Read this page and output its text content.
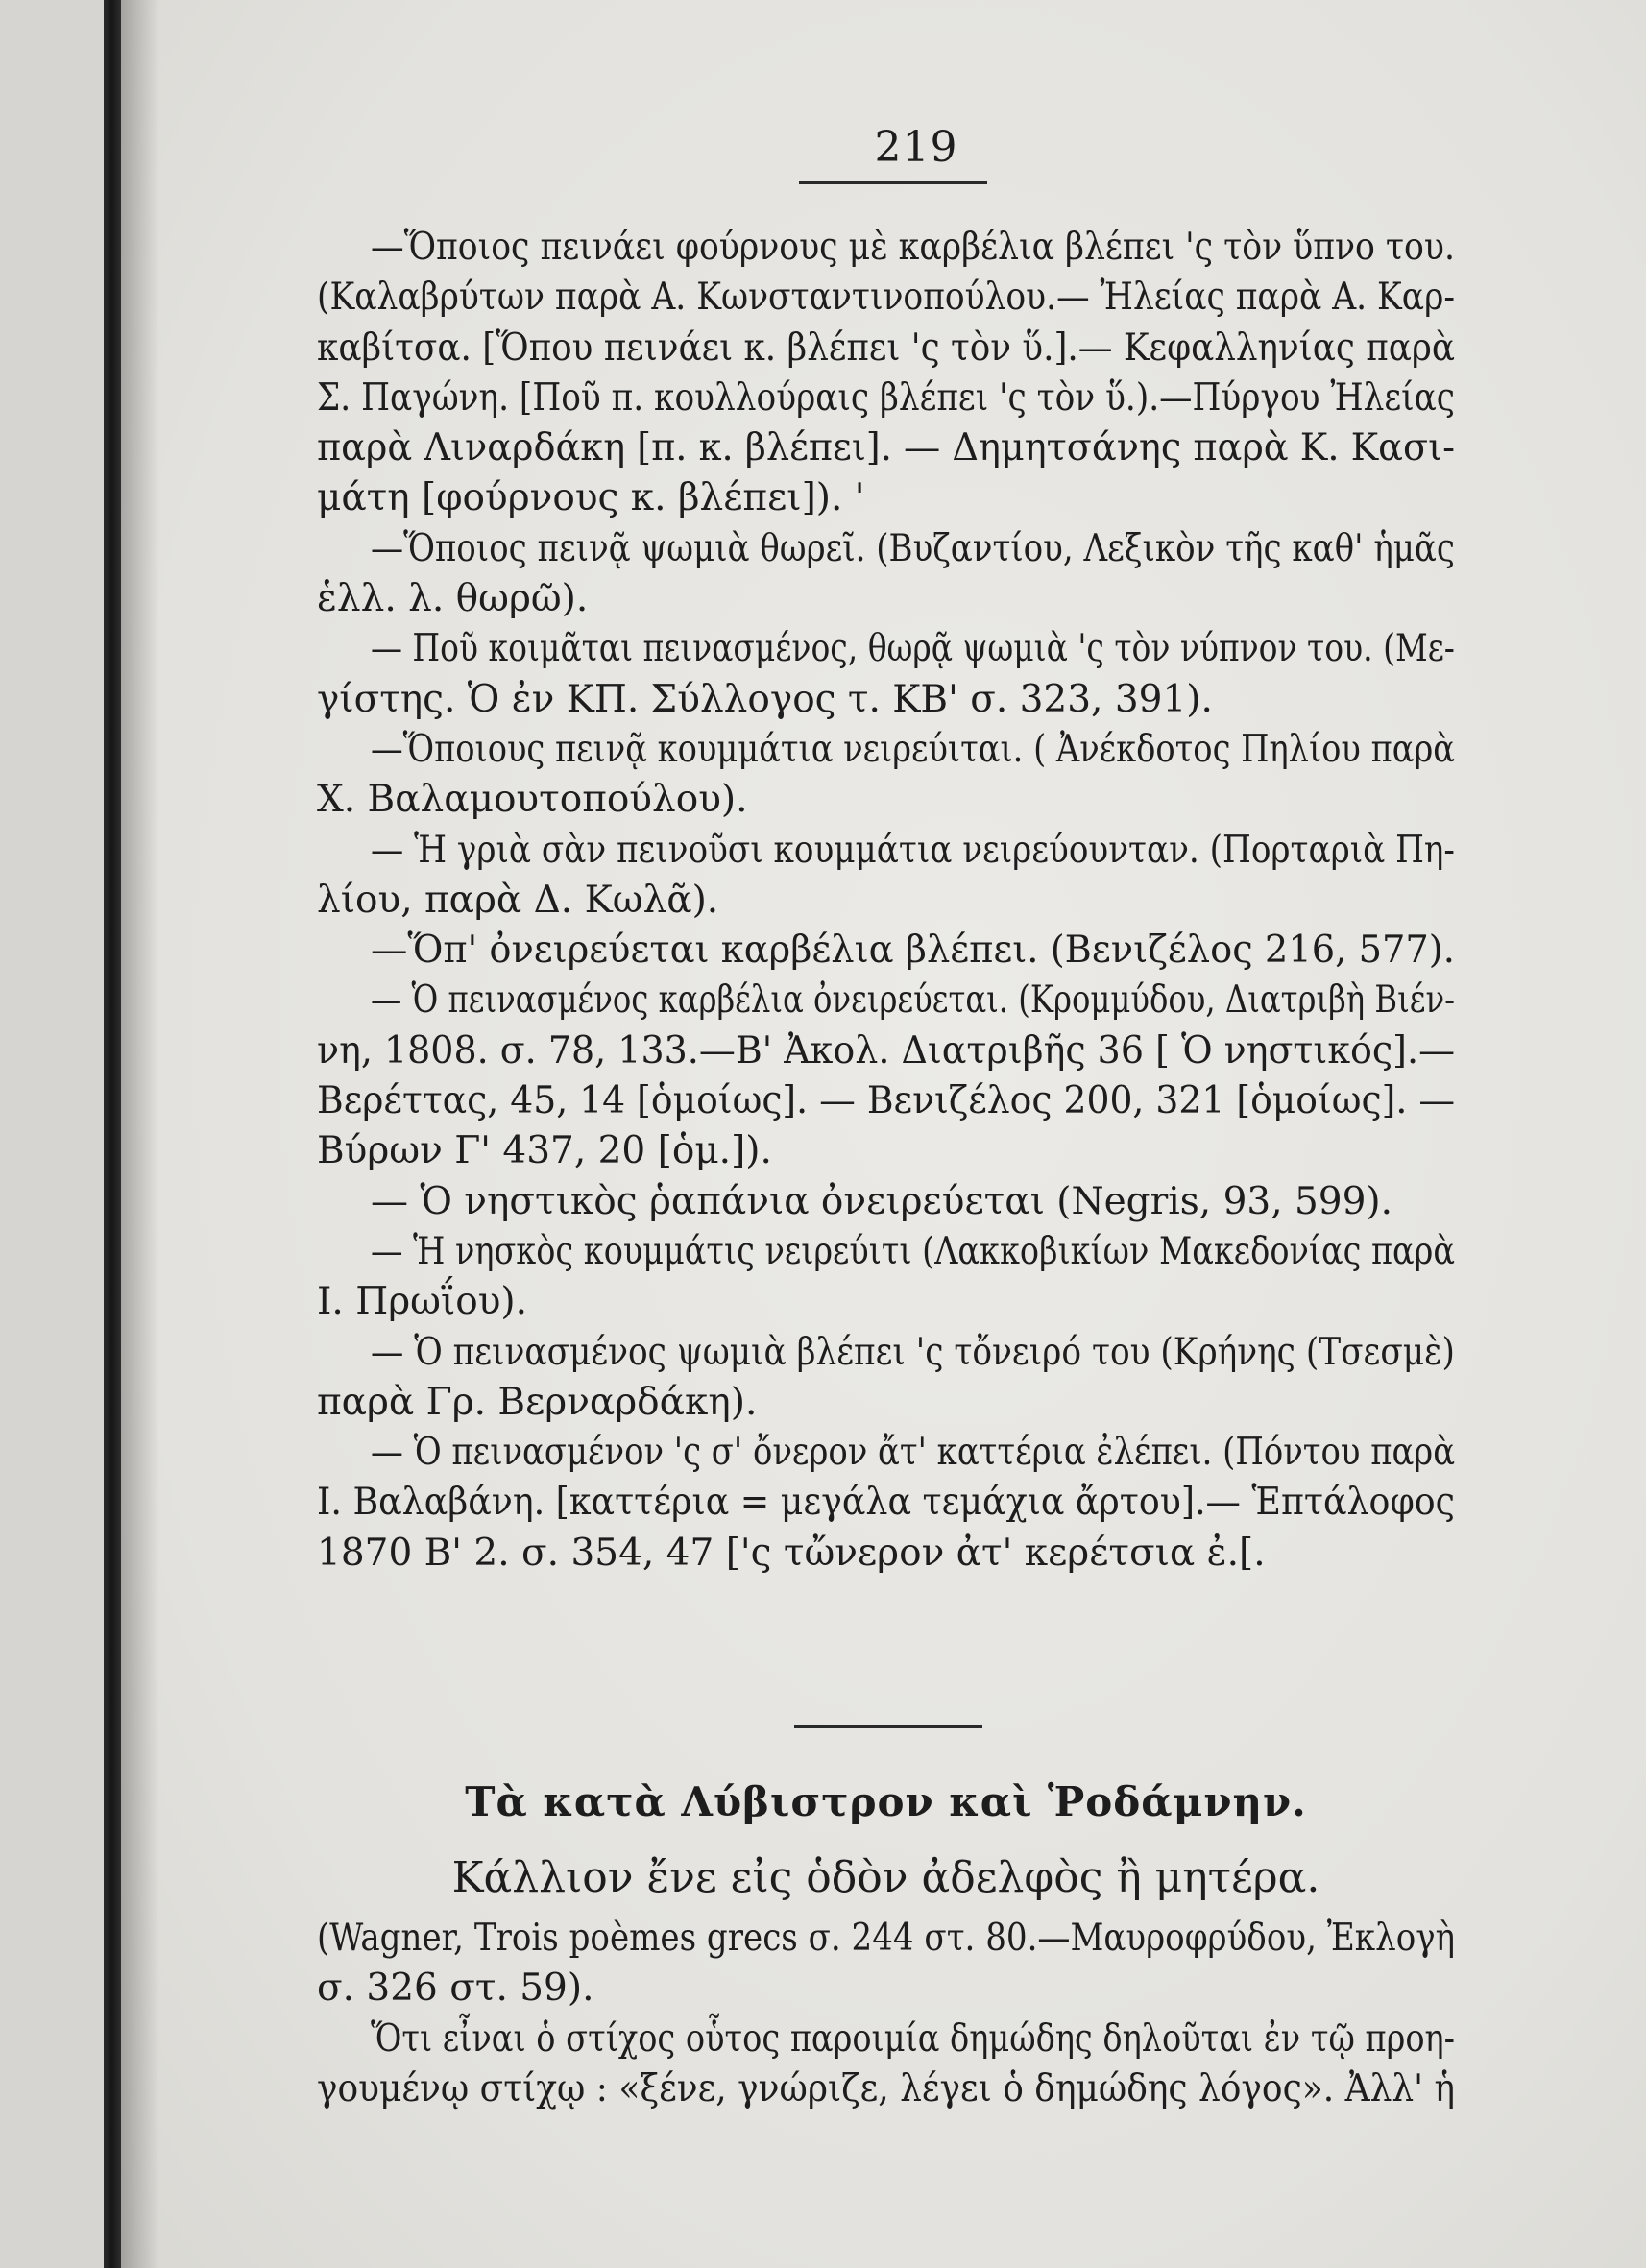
219
—Ὅποιος πεινάει φούρνους μὲ καρβέλια βλέπει 'ς τὸν ὕπνο του.
(Καλαβρύτων παρὰ Α. Κωνσταντινοπούλου.— Ἠλείας παρὰ Α. Καρ-
καβίτσα. [Ὅπου πεινάει κ. βλέπει 'ς τὸν ὕ.].— Κεφαλληνίας παρὰ
Σ. Παγώνη. [Ποῦ π. κουλλούραις βλέπει 'ς τὸν ὕ.).—Πύργου Ἠλείας
παρὰ Λιναρδάκη [π. κ. βλέπει]. — Δημητσάνης παρὰ Κ. Κασι-
μάτη [φούρνους κ. βλέπει]). '
—Ὅποιος πεινᾷ ψωμιὰ θωρεῖ. (Βυζαντίου, Λεξικὸν τῆς καθ' ἡμᾶς
ἑλλ. λ. θωρῶ).
— Ποῦ κοιμᾶται πεινασμένος, θωρᾷ ψωμιὰ 'ς τὸν νύπνον του. (Με-
γίστης. Ὁ ἐν ΚΠ. Σύλλογος τ. ΚΒ' σ. 323, 391).
—Ὅποιους πεινᾷ κουμμάτια νειρεύιται. ( Ἀνέκδοτος Πηλίου παρὰ
Χ. Βαλαμουτοπούλου).
— Ἡ γριὰ σὰν πεινοῦσι κουμμάτια νειρεύουνταν. (Πορταριὰ Πη-
λίου, παρὰ Δ. Κωλᾶ).
—Ὅπ' ὀνειρεύεται καρβέλια βλέπει. (Βενιζέλος 216, 577).
— Ὁ πεινασμένος καρβέλια ὀνειρεύεται. (Κρομμύδου, Διατριβὴ Βιέν-
νη, 1808. σ. 78, 133.—Β' Ἀκολ. Διατριβῆς 36 [ Ὁ νηστικός].—
Βερέττας, 45, 14 [ὁμοίως]. — Βενιζέλος 200, 321 [ὁμοίως]. —
Βύρων Γ' 437, 20 [ὁμ.]).
— Ὁ νηστικὸς ῥαπάνια ὀνειρεύεται (Negris, 93, 599).
— Ἡ νησκὸς κουμμάτις νειρεύιτι (Λακκοβικίων Μακεδονίας παρὰ
Ι. Πρωΐου).
— Ὁ πεινασμένος ψωμιὰ βλέπει 'ς τὄνειρό του (Κρήνης (Τσεσμὲ)
παρὰ Γρ. Βερναρδάκη).
— Ὁ πεινασμένον 'ς σ' ὄνερον ἄτ' καττέρια ἐλέπει. (Πόντου παρὰ
Ι. Βαλαβάνη. [καττέρια = μεγάλα τεμάχια ἄρτου].— Ἑπτάλοφος
1870 Β' 2. σ. 354, 47 ['ς τὤνερον ἀτ' κερέτσια ἐ.[.
Τὰ κατὰ Λύβιστρον καὶ Ῥοδάμνην.
Κάλλιον ἔνε εἰς ὁδὸν ἀδελφὸς ἢ μητέρα.
(Wagner, Trois poèmes grecs σ. 244 στ. 80.—Μαυροφρύδου, Ἐκλογὴ
σ. 326 στ. 59).
Ὅτι εἶναι ὁ στίχος οὗτος παροιμία δημώδης δηλοῦται ἐν τῷ προη-
γουμένῳ στίχῳ : «ξένε, γνώριζε, λέγει ὁ δημώδης λόγος». Ἀλλ' ἡ
